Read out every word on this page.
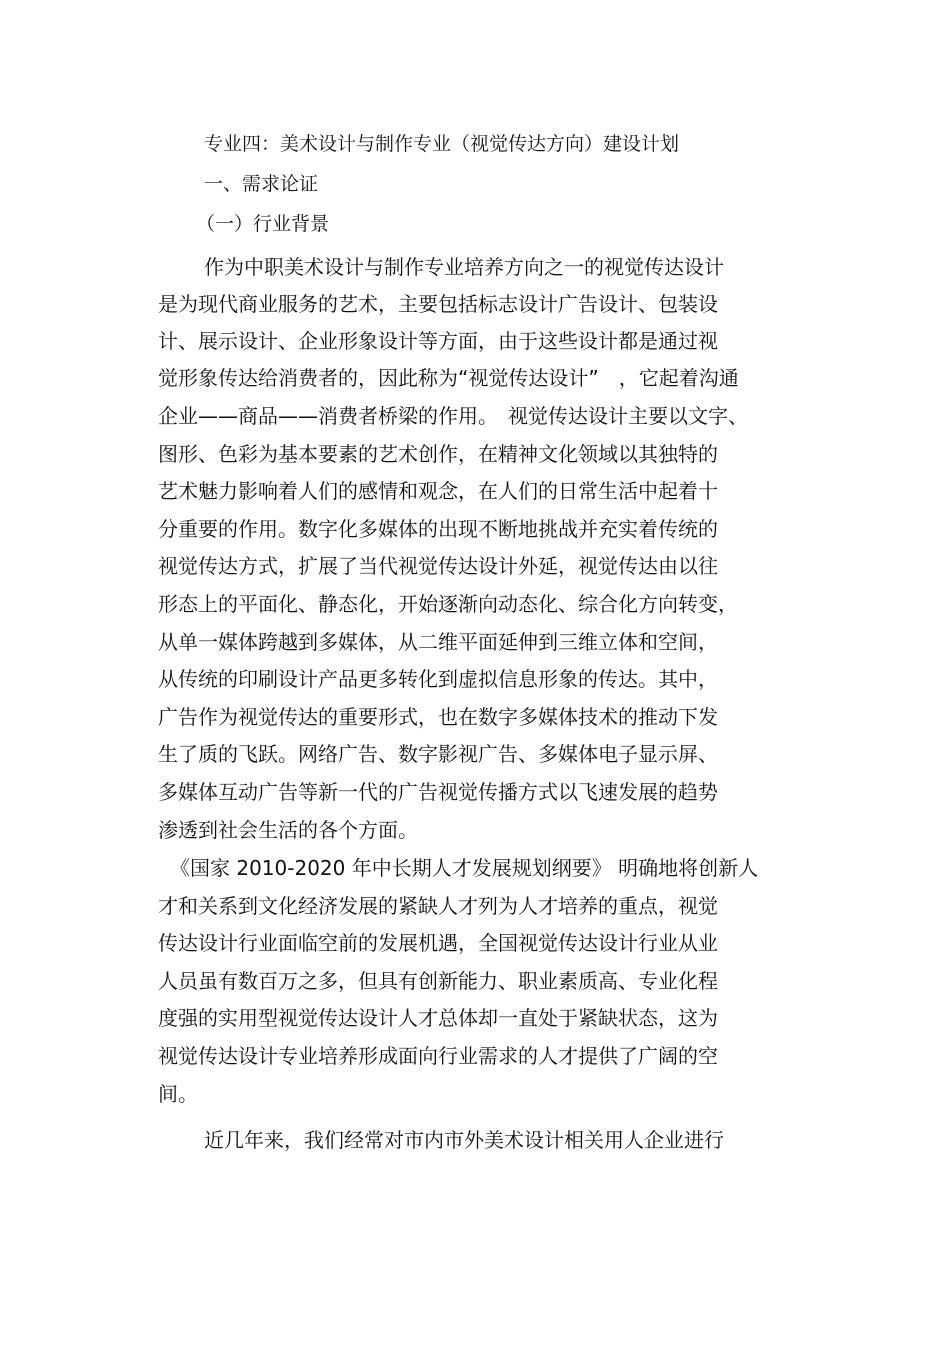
专业四：美术设计与制作专业（视觉传达方向）建设计划
一、需求论证
（一）行业背景
作为中职美术设计与制作专业培养方向之一的视觉传达设计
是为现代商业服务的艺术，主要包括标志设计广告设计、包装设
计、展示设计、企业形象设计等方面，由于这些设计都是通过视
觉形象传达给消费者的，因此称为“视觉传达设计”　，它起着沟通
企业——商品——消费者桥梁的作用。　视觉传达设计主要以文字、
图形、色彩为基本要素的艺术创作，在精神文化领域以其独特的
艺术魅力影响着人们的感情和观念，在人们的日常生活中起着十
分重要的作用。数字化多媒体的出现不断地挑战并充实着传统的
视觉传达方式，扩展了当代视觉传达设计外延，视觉传达由以往
形态上的平面化、静态化，开始逐渐向动态化、综合化方向转变，
从单一媒体跨越到多媒体，从二维平面延伸到三维立体和空间，
从传统的印刷设计产品更多转化到虚拟信息形象的传达。其中，
广告作为视觉传达的重要形式，也在数字多媒体技术的推动下发
生了质的飞跃。网络广告、数字影视广告、多媒体电子显示屏、
多媒体互动广告等新一代的广告视觉传播方式以飞速发展的趋势
渗透到社会生活的各个方面。
《国家 2010-2020 年中长期人才发展规划纲要》 明确地将创新人
才和关系到文化经济发展的紧缺人才列为人才培养的重点，视觉
传达设计行业面临空前的发展机遇，全国视觉传达设计行业从业
人员虽有数百万之多，但具有创新能力、职业素质高、专业化程
度强的实用型视觉传达设计人才总体却一直处于紧缺状态，这为
视觉传达设计专业培养形成面向行业需求的人才提供了广阔的空
间。
近几年来，我们经常对市内市外美术设计相关用人企业进行
